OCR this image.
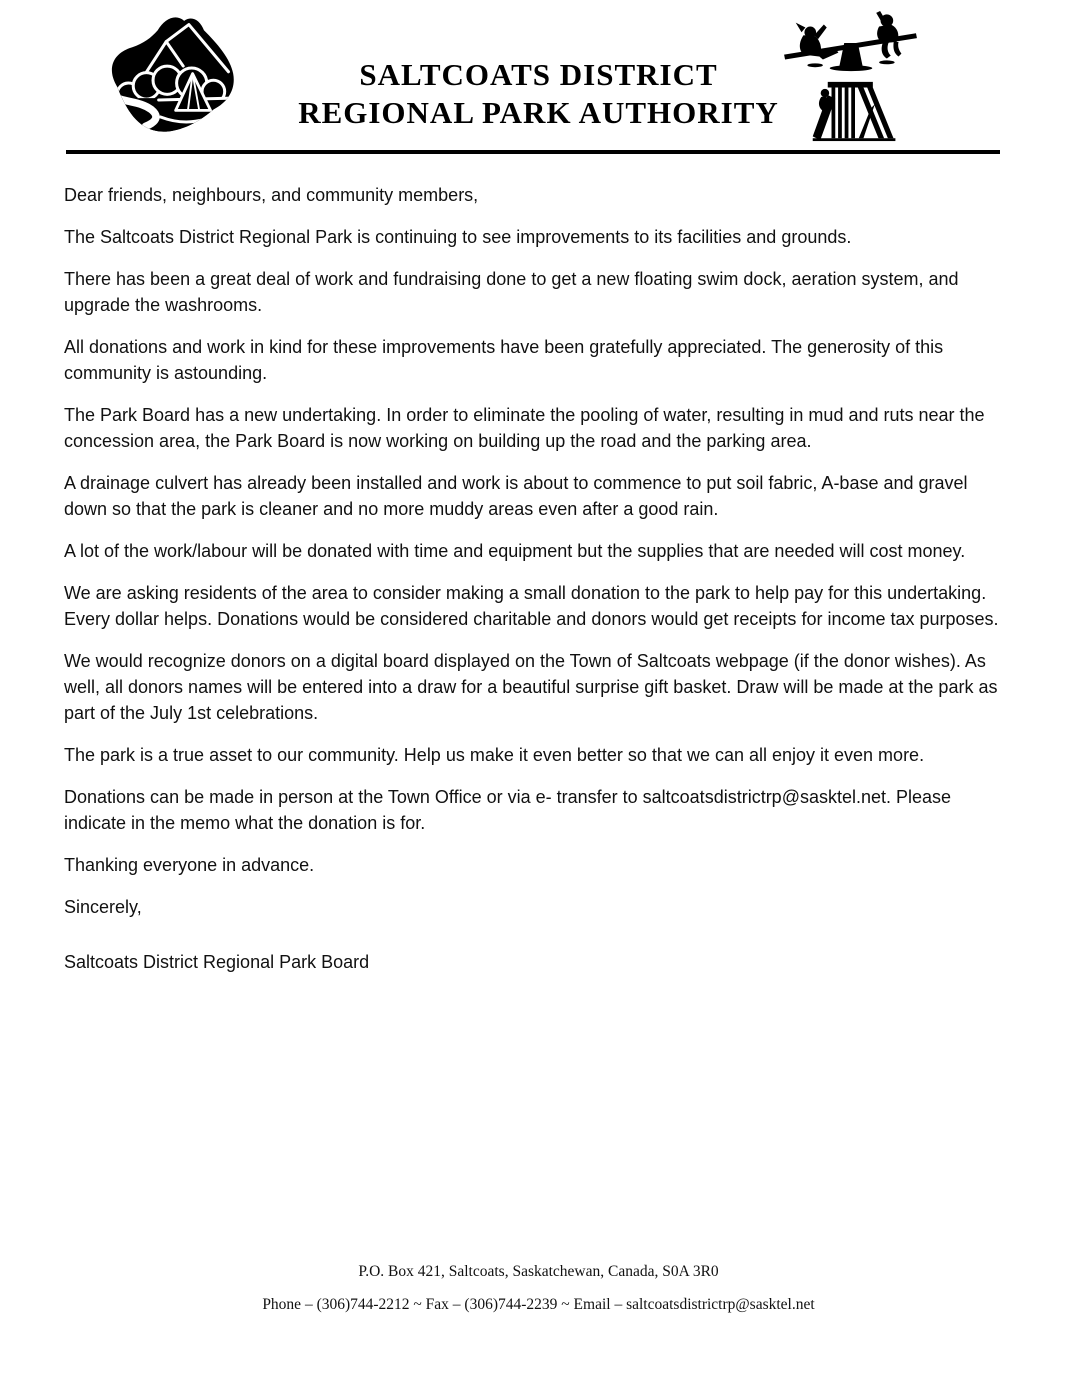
SALTCOATS DISTRICT
REGIONAL PARK AUTHORITY

Dear friends, neighbours, and community members,

The Saltcoats District Regional Park is continuing to see improvements to its facilities and grounds.

There has been a great deal of work and fundraising done to get a new floating swim dock, aeration system, and upgrade the washrooms.

All donations and work in kind for these improvements have been gratefully appreciated. The generosity of this community is astounding.

The Park Board has a new undertaking. In order to eliminate the pooling of water, resulting in mud and ruts near the concession area, the Park Board is now working on building up the road and the parking area.

A drainage culvert has already been installed and work is about to commence to put soil fabric, A-base and gravel down so that the park is cleaner and no more muddy areas even after a good rain.

A lot of the work/labour will be donated with time and equipment but the supplies that are needed will cost money.

We are asking residents of the area to consider making a small donation to the park to help pay for this undertaking. Every dollar helps. Donations would be considered charitable and donors would get receipts for income tax purposes.

We would recognize donors on a digital board displayed on the Town of Saltcoats webpage (if the donor wishes). As well, all donors names will be entered into a draw for a beautiful surprise gift basket. Draw will be made at the park as part of the July 1st celebrations.

The park is a true asset to our community. Help us make it even better so that we can all enjoy it even more.

Donations can be made in person at the Town Office or via e- transfer to saltcoatsdistrictrp@sasktel.net. Please indicate in the memo what the donation is for.

Thanking everyone in advance.

Sincerely,

Saltcoats District Regional Park Board

P.O. Box 421, Saltcoats, Saskatchewan, Canada, S0A 3R0
Phone – (306)744-2212 ~ Fax – (306)744-2239 ~ Email – saltcoatsdistrictrp@sasktel.net
